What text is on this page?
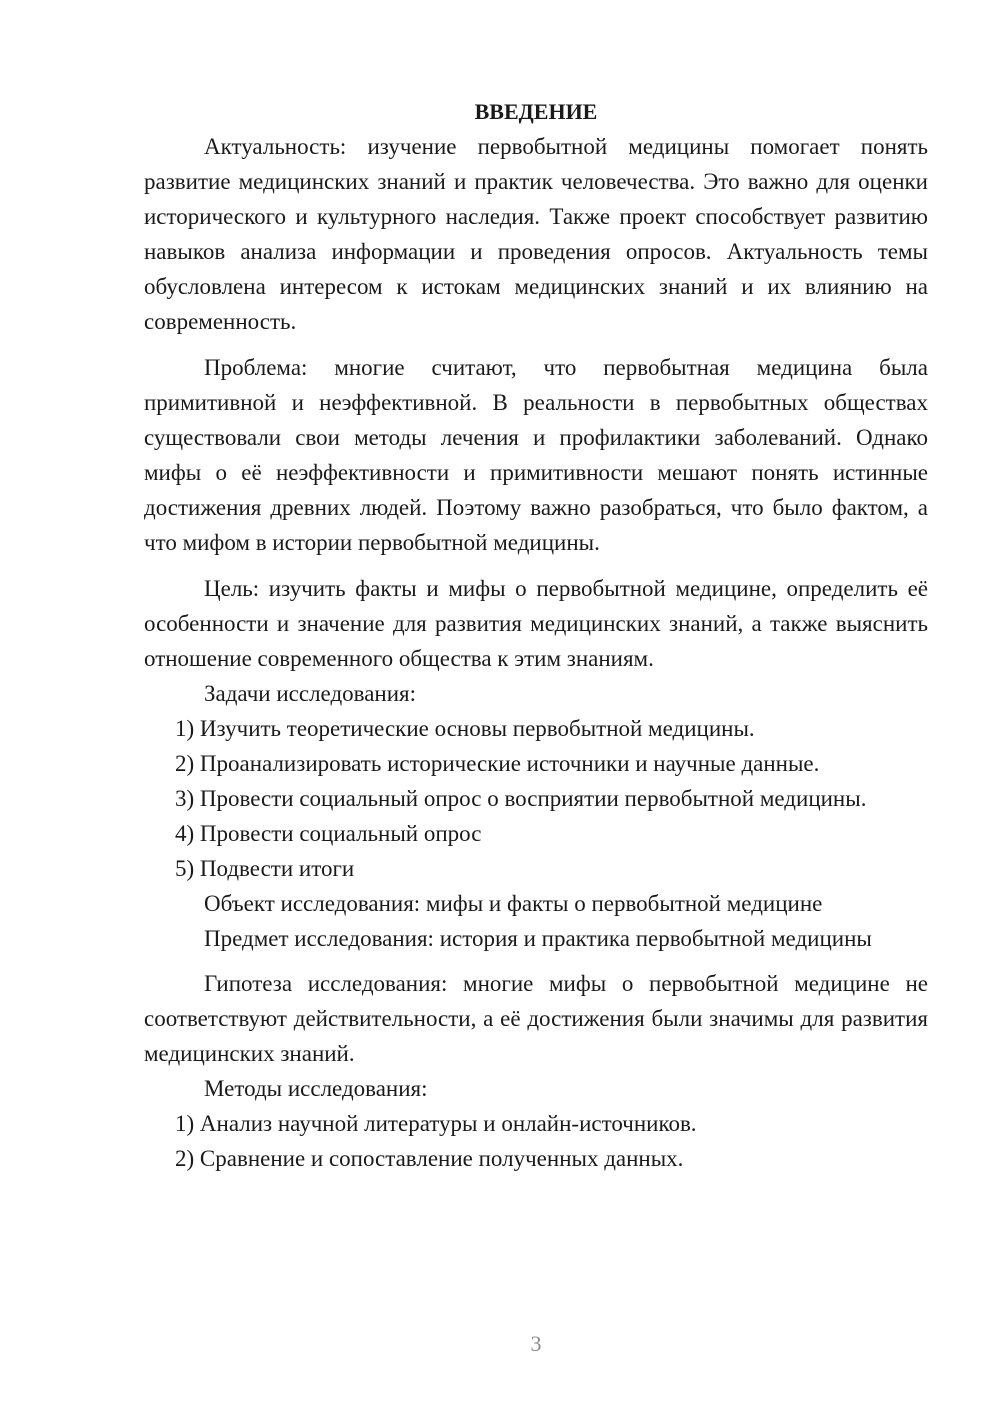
ВВЕДЕНИЕ

Актуальность: изучение первобытной медицины помогает понять развитие медицинских знаний и практик человечества. Это важно для оценки исторического и культурного наследия. Также проект способствует развитию навыков анализа информации и проведения опросов. Актуальность темы обусловлена интересом к истокам медицинских знаний и их влиянию на современность.

Проблема: многие считают, что первобытная медицина была примитивной и неэффективной. В реальности в первобытных обществах существовали свои методы лечения и профилактики заболеваний. Однако мифы о её неэффективности и примитивности мешают понять истинные достижения древних людей. Поэтому важно разобраться, что было фактом, а что мифом в истории первобытной медицины.

Цель: изучить факты и мифы о первобытной медицине, определить её особенности и значение для развития медицинских знаний, а также выяснить отношение современного общества к этим знаниям.

Задачи исследования:

1) Изучить теоретические основы первобытной медицины.

2) Проанализировать исторические источники и научные данные.

3) Провести социальный опрос о восприятии первобытной медицины.

4) Провести социальный опрос

5) Подвести итоги

Объект исследования: мифы и факты о первобытной медицине

Предмет исследования: история и практика первобытной медицины

Гипотеза исследования: многие мифы о первобытной медицине не соответствуют действительности, а её достижения были значимы для развития медицинских знаний.

Методы исследования:

1) Анализ научной литературы и онлайн-источников.

2) Сравнение и сопоставление полученных данных.

3
